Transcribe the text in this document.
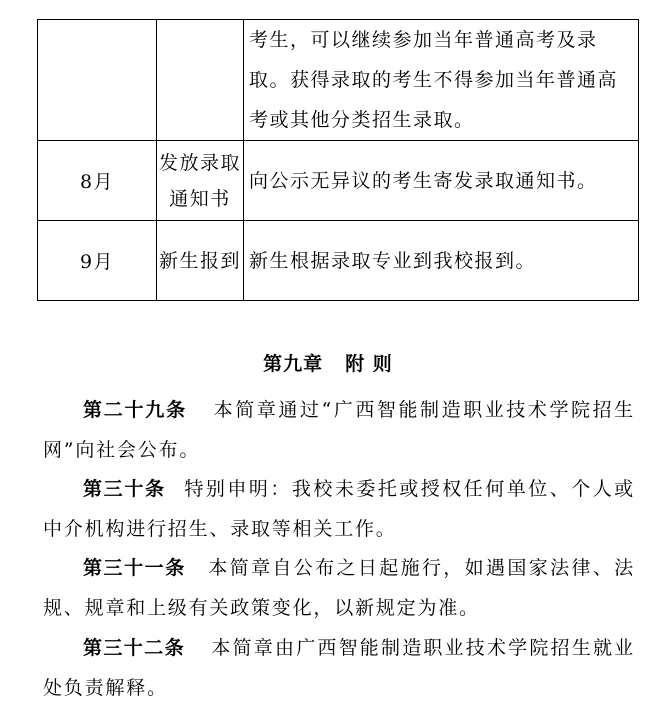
		考生，可以继续参加当年普通高考及录取。获得录取的考生不得参加当年普通高考或其他分类招生录取。
8月	发放录取通知书	向公示无异议的考生寄发录取通知书。
9月	新生报到	新生根据录取专业到我校报到。
第九章 附 则

第二十九条 本简章通过“广西智能制造职业技术学院招生网”向社会公布。

第三十条 特别申明：我校未委托或授权任何单位、个人或中介机构进行招生、录取等相关工作。

第三十一条 本简章自公布之日起施行，如遇国家法律、法规、规章和上级有关政策变化，以新规定为准。

第三十二条 本简章由广西智能制造职业技术学院招生就业处负责解释。
